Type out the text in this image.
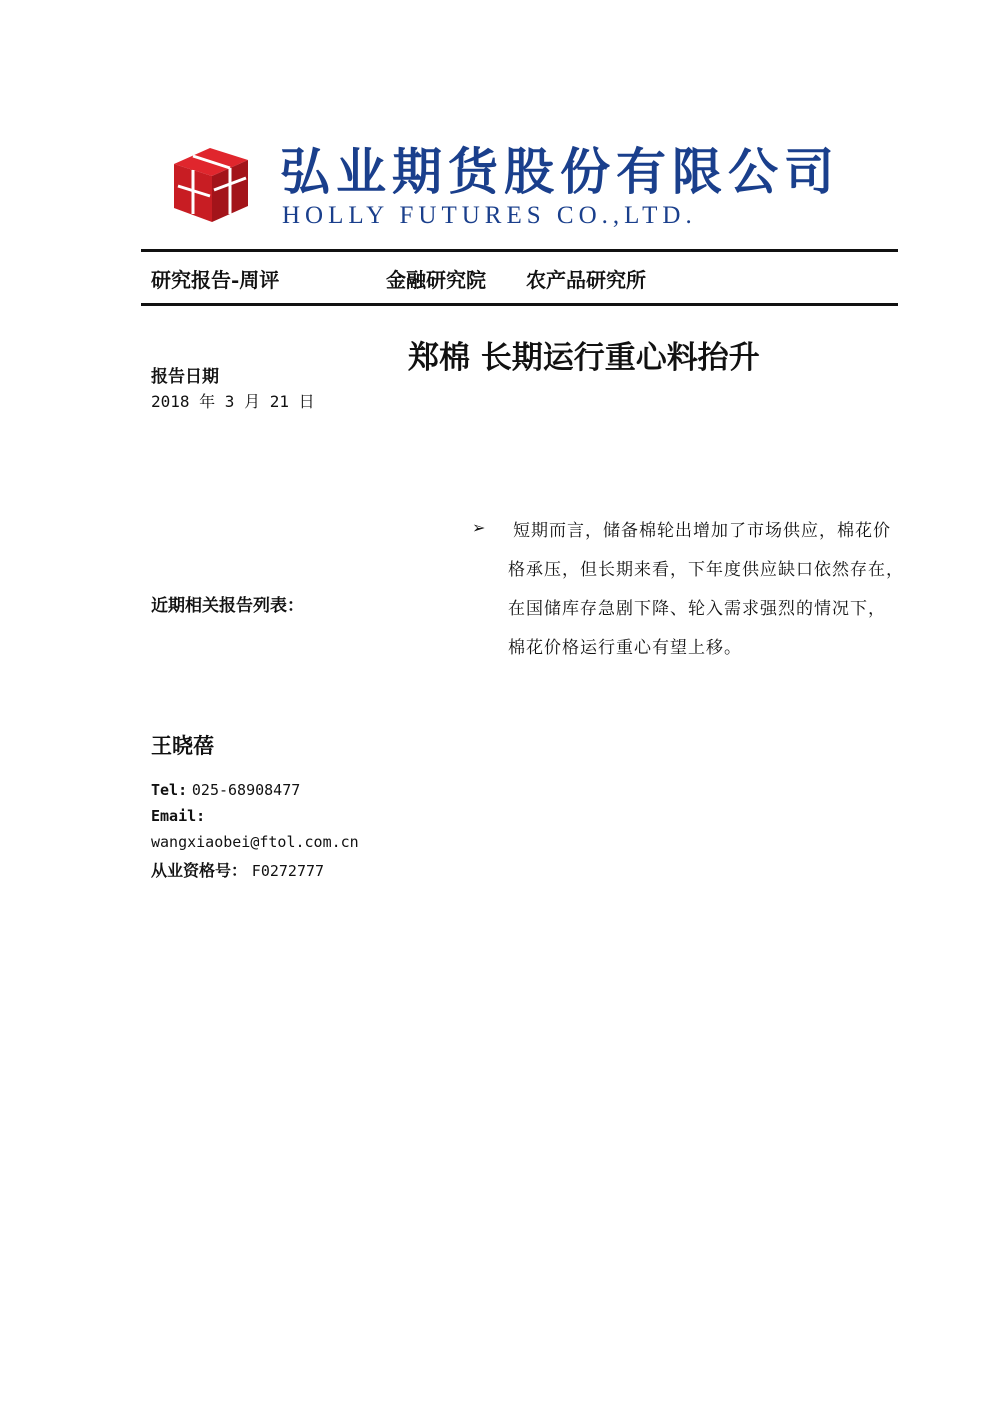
弘业期货股份有限公司
HOLLY FUTURES CO.,LTD.
研究报告-周评	金融研究院 农产品研究所
郑棉 长期运行重心料抬升
报告日期
2018 年 3 月 21 日
➢ 短期而言，储备棉轮出增加了市场供应，棉花价
格承压，但长期来看，下年度供应缺口依然存在，
在国储库存急剧下降、轮入需求强烈的情况下，
棉花价格运行重心有望上移。
近期相关报告列表：
王晓蓓
Tel: 025-68908477
Email:
wangxiaobei@ftol.com.cn
从业资格号： F0272777
